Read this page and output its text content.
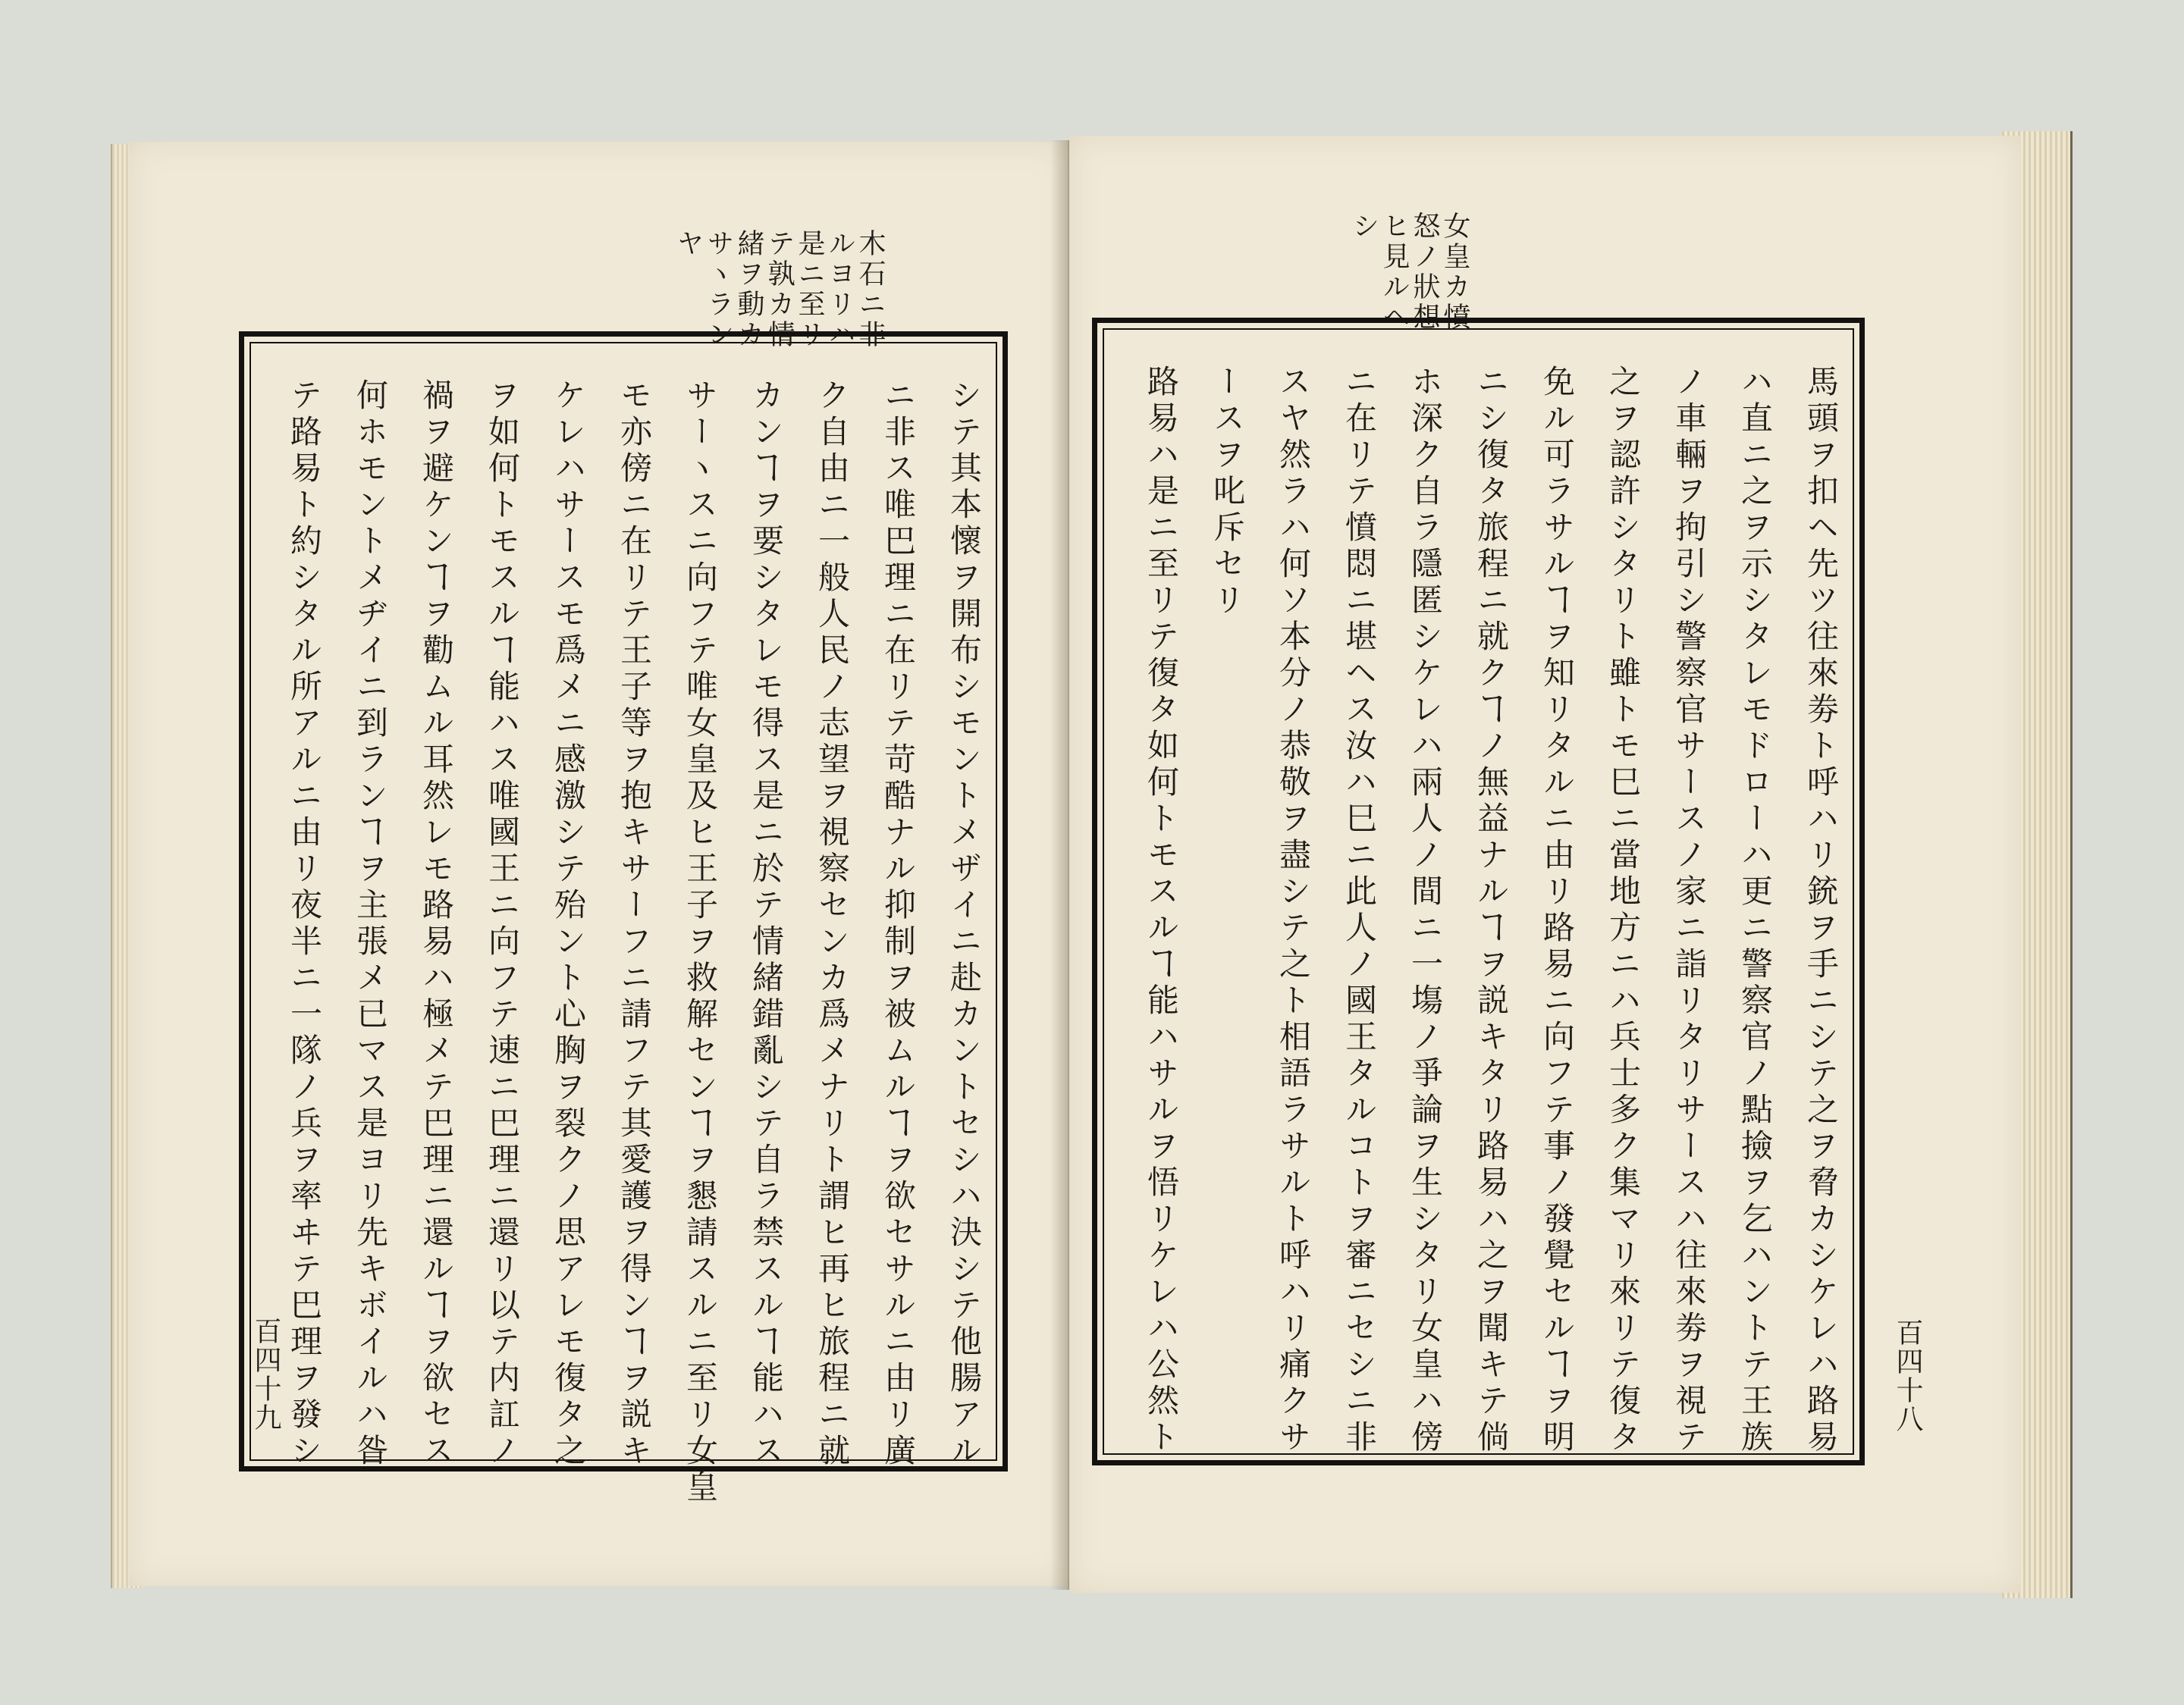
木石ニ非
ルヨリハ
是ニ至リ
テ孰カ情
緒ヲ動カ
サヽラン
ヤ
シテ其本懷ヲ開布シモントメザイニ赴カントセシハ決シテ他腸アル
ニ非ス唯巴理ニ在リテ苛酷ナル抑制ヲ被ムルヿヲ欲セサルニ由リ廣
ク自由ニ一般人民ノ志望ヲ視察センカ爲メナリト謂ヒ再ヒ旅程ニ就
カンヿヲ要シタレモ得ス是ニ於テ情緒錯亂シテ自ラ禁スルヿ能ハス
サーヽスニ向フテ唯女皇及ヒ王子ヲ救解センヿヲ懇請スルニ至リ女皇
モ亦傍ニ在リテ王子等ヲ抱キサーフニ請フテ其愛護ヲ得ンヿヲ説キ
ケレハサースモ爲メニ感激シテ殆ント心胸ヲ裂クノ思アレモ復タ之
ヲ如何トモスルヿ能ハス唯國王ニ向フテ速ニ巴理ニ還リ以テ内訌ノ
禍ヲ避ケンヿヲ勸ムル耳然レモ路易ハ極メテ巴理ニ還ルヿヲ欲セス
何ホモントメヂイニ到ランヿヲ主張メ已マス是ヨリ先キボイルハ昝
テ路易ト約シタル所アルニ由リ夜半ニ一隊ノ兵ヲ率ヰテ巴理ヲ發シ
百四十九
女皇カ憤
怒ノ狀想
ヒ見ルヘ
シ
馬頭ヲ扣ヘ先ツ往來劵ト呼ハリ銃ヲ手ニシテ之ヲ脅カシケレハ路易
ハ直ニ之ヲ示シタレモドローハ更ニ警察官ノ點撿ヲ乞ハントテ王族
ノ車輛ヲ拘引シ警察官サースノ家ニ詣リタリサースハ往來劵ヲ視テ
之ヲ認許シタリト雖トモ巳ニ當地方ニハ兵士多ク集マリ來リテ復タ
免ル可ラサルヿヲ知リタルニ由リ路易ニ向フテ事ノ發覺セルヿヲ明
ニシ復タ旅程ニ就クヿノ無益ナルヿヲ説キタリ路易ハ之ヲ聞キテ倘
ホ深ク自ラ隱匿シケレハ兩人ノ間ニ一塲ノ爭論ヲ生シタリ女皇ハ傍
ニ在リテ憤悶ニ堪ヘス汝ハ巳ニ此人ノ國王タルコトヲ審ニセシニ非
スヤ然ラハ何ソ本分ノ恭敬ヲ盡シテ之ト相語ラサルト呼ハリ痛クサ
ースヲ叱斥セリ
路易ハ是ニ至リテ復タ如何トモスルヿ能ハサルヲ悟リケレハ公然ト	百四十八
